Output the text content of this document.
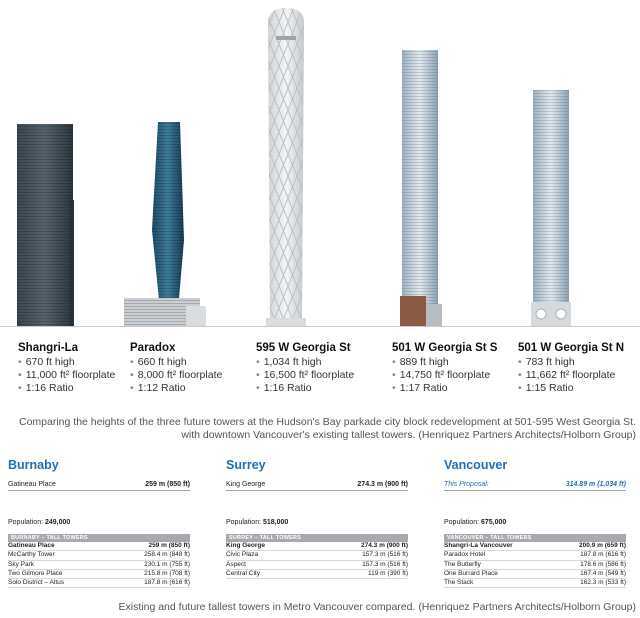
Shangri-La
• 670 ft high
• 11,000 ft² floorplate
• 1:16 Ratio
Paradox
• 660 ft high
• 8,000 ft² floorplate
• 1:12 Ratio
595 W Georgia St
• 1,034 ft high
• 16,500 ft² floorplate
• 1:16 Ratio
501 W Georgia St S
• 889 ft high
• 14,750 ft² floorplate
• 1:17 Ratio
501 W Georgia St N
• 783 ft high
• 11,662 ft² floorplate
• 1:15 Ratio
Comparing the heights of the three future towers at the Hudson's Bay parkade city block redevelopment at 501-595 West Georgia St.
with downtown Vancouver's existing tallest towers. (Henriquez Partners Architects/Holborn Group)
Burnaby
Gatineau Place	259 m (850 ft)
Population: 249,000
BURNABY – TALL TOWERS
Gatineau Place	259 m (850 ft)
McCarthy Tower	258.4 m (848 ft)
Sky Park	230.1 m (755 ft)
Two Gilmore Place	215.8 m (708 ft)
Solo District – Altus	187.8 m (616 ft)
Surrey
King George	274.3 m (900 ft)
Population: 518,000
SURREY – TALL TOWERS
King George	274.3 m (900 ft)
Civic Plaza	157.3 m (516 ft)
Aspect	157.3 m (516 ft)
Central City	119 m (390 ft)
Vancouver
This Proposal:	314.89 m (1,034 ft)
Population: 675,000
VANCOUVER – TALL TOWERS
Shangri-La Vancouver	200.9 m (659 ft)
Paradox Hotel	187.8 m (616 ft)
The Butterfly	178.6 m (586 ft)
One Burrard Place	167.4 m (549 ft)
The Stack	162.3 m (533 ft)
Existing and future tallest towers in Metro Vancouver compared. (Henriquez Partners Architects/Holborn Group)
